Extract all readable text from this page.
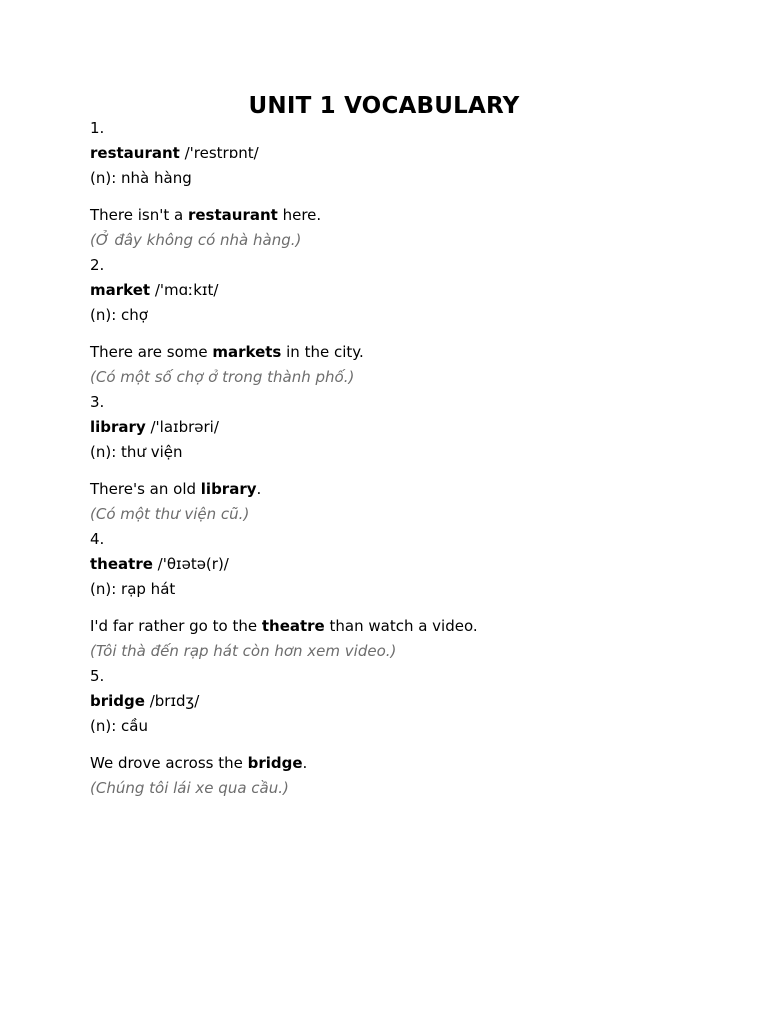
UNIT 1 VOCABULARY
1.
restaurant /'restrɒnt/
(n): nhà hàng
There isn't a restaurant here.
(Ở đây không có nhà hàng.)
2.
market /'mɑːkɪt/
(n): chợ
There are some markets in the city.
(Có một số chợ ở trong thành phố.)
3.
library /'laɪbrəri/
(n): thư viện
There's an old library.
(Có một thư viện cũ.)
4.
theatre /'θɪətə(r)/
(n): rạp hát
I'd far rather go to the theatre than watch a video.
(Tôi thà đến rạp hát còn hơn xem video.)
5.
bridge /brɪdʒ/
(n): cầu
We drove across the bridge.
(Chúng tôi lái xe qua cầu.)
